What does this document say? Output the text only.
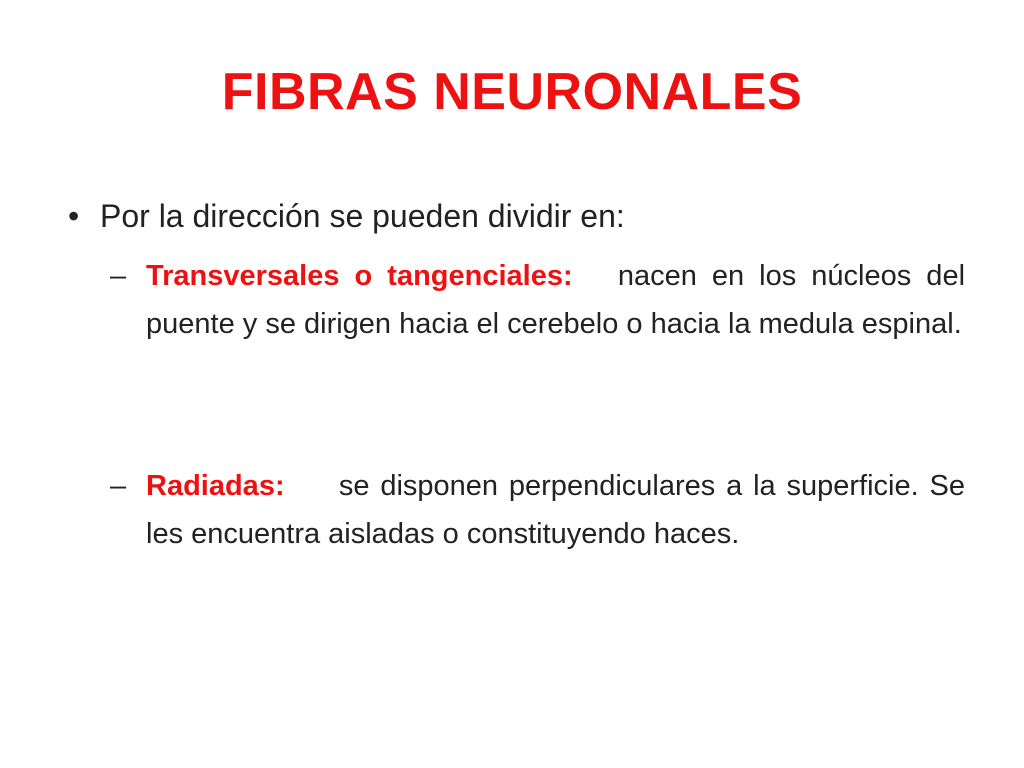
FIBRAS NEURONALES
• Por la dirección se pueden dividir en:
– Transversales o tangenciales: nacen en los núcleos del puente y se dirigen hacia el cerebelo o hacia la medula espinal.
– Radiadas: se disponen perpendiculares a la superficie. Se les encuentra aisladas o constituyendo haces.
